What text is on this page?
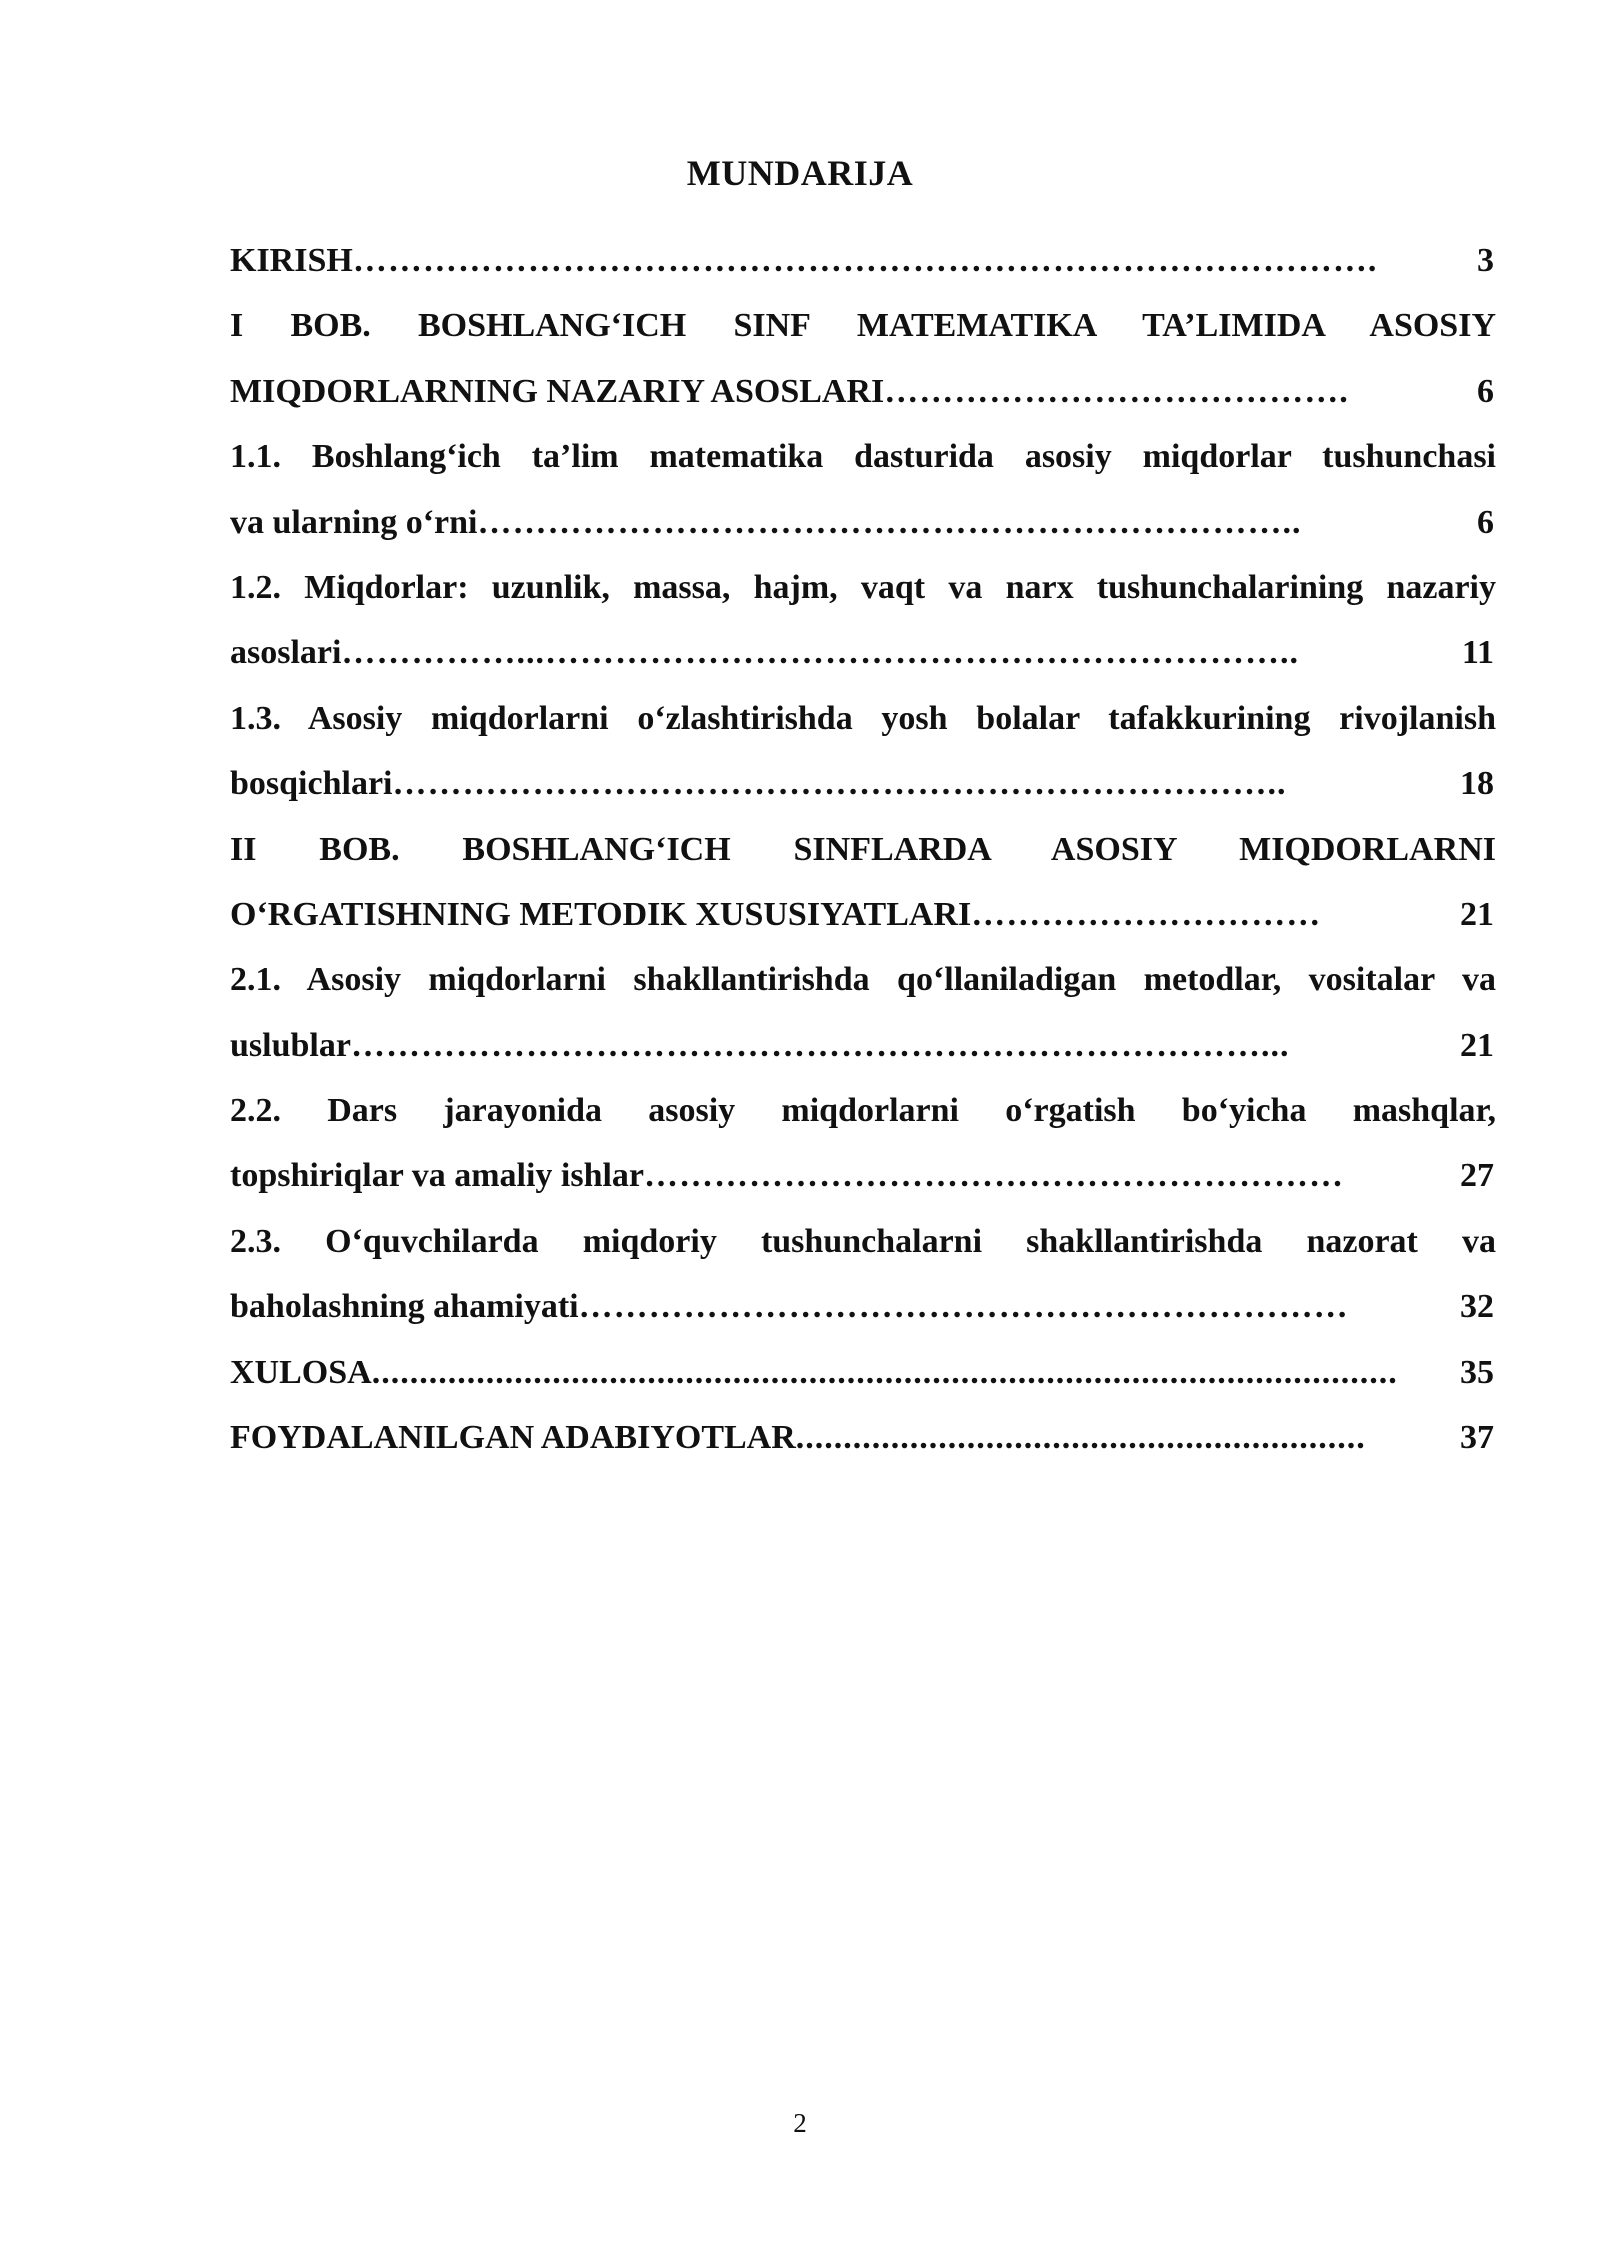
MUNDARIJA
KIRISH …………………………………………………………………………….	3
I BOB. BOSHLANG‘ICH SINF MATEMATIKA TA’LIMIDA ASOSIY
MIQDORLARNING NAZARIY ASOSLARI ………………………………….	6
1.1. Boshlang‘ich ta’lim matematika dasturida asosiy miqdorlar tushunchasi
va ularning o‘rni ……………………………………………………………..	6
1.2. Miqdorlar: uzunlik, massa, hajm, vaqt va narx tushunchalarining nazariy
asoslari ……………...………………………………………………………..	11
1.3. Asosiy miqdorlarni o‘zlashtirishda yosh bolalar tafakkurining rivojlanish
bosqichlari …………………………………………………………………..	18
II BOB. BOSHLANG‘ICH SINFLARDA ASOSIY MIQDORLARNI
O‘RGATISHNING METODIK XUSUSIYATLARI …………………………	21
2.1. Asosiy miqdorlarni shakllantirishda qo‘llaniladigan metodlar, vositalar va
uslublar ……………………………………………………………………...	21
2.2. Dars jarayonida asosiy miqdorlarni o‘rgatish bo‘yicha mashqlar,
topshiriqlar va amaliy ishlar ……………………………………………………	27
2.3. O‘quvchilarda miqdoriy tushunchalarni shakllantirishda nazorat va
baholashning ahamiyati …………………………………………………………	32
XULOSA ............................................................................................................	35
FOYDALANILGAN ADABIYOTLAR ............................................................	37
2
